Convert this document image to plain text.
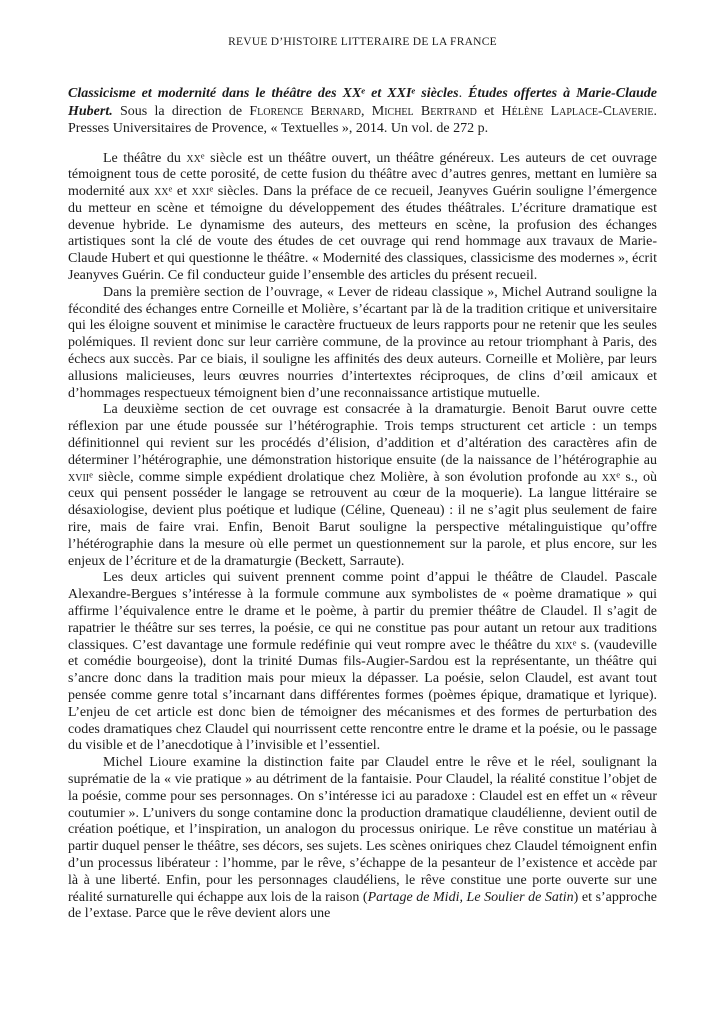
REVUE D’HISTOIRE LITTERAIRE DE LA FRANCE

Classicisme et modernité dans le théâtre des XXe et XXIe siècles. Études offertes à Marie-Claude Hubert. Sous la direction de Florence Bernard, Michel Bertrand et Hélène Laplace-Claverie. Presses Universitaires de Provence, « Textuelles », 2014. Un vol. de 272 p.

Le théâtre du $xx^e$ siècle est un théâtre ouvert, un théâtre généreux. Les auteurs de cet ouvrage témoignent tous de cette porosité, de cette fusion du théâtre avec d’autres genres, mettant en lumière sa modernité aux $xx^e$ et xxi$^e$ siècles. Dans la préface de ce recueil, Jeanyves Guérin souligne l’émergence du metteur en scène et témoigne du développement des études théâtrales. L’écriture dramatique est devenue hybride. Le dynamisme des auteurs, des metteurs en scène, la profusion des échanges artistiques sont la clé de voute des études de cet ouvrage qui rend hommage aux travaux de Marie-Claude Hubert et qui questionne le théâtre. « Modernité des classiques, classicisme des modernes », écrit Jeanyves Guérin. Ce fil conducteur guide l’ensemble des articles du présent recueil.

Dans la première section de l’ouvrage, « Lever de rideau classique », Michel Autrand souligne la fécondité des échanges entre Corneille et Molière, s’écartant par là de la tradition critique et universitaire qui les éloigne souvent et minimise le caractère fructueux de leurs rapports pour ne retenir que les seules polémiques. Il revient donc sur leur carrière commune, de la province au retour triomphant à Paris, des échecs aux succès. Par ce biais, il souligne les affinités des deux auteurs. Corneille et Molière, par leurs allusions malicieuses, leurs œuvres nourries d’intertextes réciproques, de clins d’œil amicaux et d’hommages respectueux témoignent bien d’une reconnaissance artistique mutuelle.

La deuxième section de cet ouvrage est consacrée à la dramaturgie. Benoit Barut ouvre cette réflexion par une étude poussée sur l’hétérographie. Trois temps structurent cet article : un temps définitionnel qui revient sur les procédés d’élision, d’addition et d’altération des caractères afin de déterminer l’hétérographie, une démonstration historique ensuite (de la naissance de l’hétérographie au xvii$^e$ siècle, comme simple expédient drolatique chez Molière, à son évolution profonde au $xx^e$ s., où ceux qui pensent posséder le langage se retrouvent au cœur de la moquerie). La langue littéraire se désaxiologise, devient plus poétique et ludique (Céline, Queneau) : il ne s’agit plus seulement de faire rire, mais de faire vrai. Enfin, Benoit Barut souligne la perspective métalinguistique qu’offre l’hétérographie dans la mesure où elle permet un questionnement sur la parole, et plus encore, sur les enjeux de l’écriture et de la dramaturgie (Beckett, Sarraute).

Les deux articles qui suivent prennent comme point d’appui le théâtre de Claudel. Pascale Alexandre-Bergues s’intéresse à la formule commune aux symbolistes de « poème dramatique » qui affirme l’équivalence entre le drame et le poème, à partir du premier théâtre de Claudel. Il s’agit de rapatrier le théâtre sur ses terres, la poésie, ce qui ne constitue pas pour autant un retour aux traditions classiques. C’est davantage une formule redéfinie qui veut rompre avec le théâtre du xix$^e$ s. (vaudeville et comédie bourgeoise), dont la trinité Dumas fils-Augier-Sardou est la représentante, un théâtre qui s’ancre donc dans la tradition mais pour mieux la dépasser. La poésie, selon Claudel, est avant tout pensée comme genre total s’incarnant dans différentes formes (poèmes épique, dramatique et lyrique). L’enjeu de cet article est donc bien de témoigner des mécanismes et des formes de perturbation des codes dramatiques chez Claudel qui nourrissent cette rencontre entre le drame et la poésie, ou le passage du visible et de l’anecdotique à l’invisible et l’essentiel.

Michel Lioure examine la distinction faite par Claudel entre le rêve et le réel, soulignant la suprématie de la « vie pratique » au détriment de la fantaisie. Pour Claudel, la réalité constitue l’objet de la poésie, comme pour ses personnages. On s’intéresse ici au paradoxe : Claudel est en effet un « rêveur coutumier ». L’univers du songe contamine donc la production dramatique claudélienne, devient outil de création poétique, et l’inspiration, un analogon du processus onirique. Le rêve constitue un matériau à partir duquel penser le théâtre, ses décors, ses sujets. Les scènes oniriques chez Claudel témoignent enfin d’un processus libérateur : l’homme, par le rêve, s’échappe de la pesanteur de l’existence et accède par là à une liberté. Enfin, pour les personnages claudéliens, le rêve constitue une porte ouverte sur une réalité surnaturelle qui échappe aux lois de la raison (Partage de Midi, Le Soulier de Satin) et s’approche de l’extase. Parce que le rêve devient alors une
